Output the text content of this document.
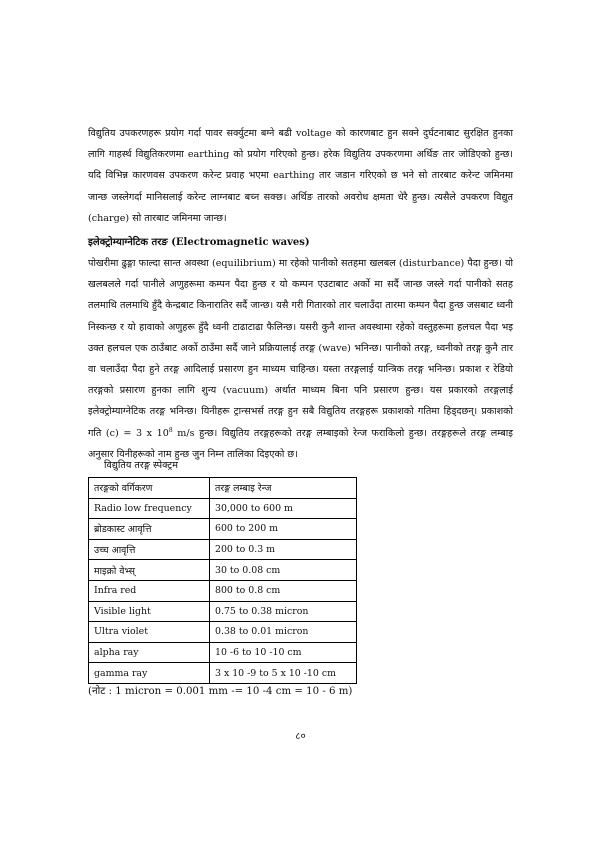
विद्युतिय उपकरणहरू प्रयोग गर्दा पावर सर्क्युटमा बग्ने बढी voltage को कारणबाट हुन सक्ने दुर्घटनाबाट सुरक्षित हुनका लागि गाहर्स्थ विद्युतिकरणमा earthing को प्रयोग गरिएको हुन्छ। हरेक विद्युतिय उपकरणमा अर्थिङ तार जोडिएको हुन्छ। यदि विभिन्न कारणवस उपकरण करेन्ट प्रवाह भएमा earthing तार जडान गरिएको छ भने सो तारबाट करेन्ट जमिनमा जान्छ जस्लेगर्दा मानिसलाई करेन्ट लाग्नबाट बच्न सक्छ। अर्थिङ तारको अवरोध क्षमता धेरै हुन्छ। त्यसैले उपकरण विद्युत (charge) सो तारबाट जमिनमा जान्छ।

इलेक्ट्रोम्याग्नेटिक तरङ (Electromagnetic waves)

पोखरीमा ढुङ्गा फाल्दा सान्त अवस्था (equilibrium) मा रहेको पानीको सतहमा खलबल (disturbance) पैदा हुन्छ। यो खलबलले गर्दा पानीले अणुहरूमा कम्पन पैदा हुन्छ र यो कम्पन एउटाबाट अर्को मा सर्दै जान्छ जस्ले गर्दा पानीको सतह तलमाथि तलमाथि हुँदै केन्द्रबाट किनारातिर सर्दै जान्छ। यसै गरी गितारको तार चलाउँदा तारमा कम्पन पैदा हुन्छ जसबाट ध्वनी निस्कन्छ र यो हावाको अणुहरू हुँदै ध्वनी टाढाटाढा फैलिन्छ। यसरी कुनै शान्त अवस्थामा रहेको वस्तुहरूमा हलचल पैदा भइ उक्त हलचल एक ठाउँबाट अर्को ठाउँमा सर्दै जाने प्रक्रियालाई तरङ्ग (wave) भनिन्छ। पानीको तरङ्ग, ध्वनीको तरङ्ग कुनै तार वा चलाउँदा पैदा हुने तरङ्ग आदिलाई प्रसारण हुन माध्यम चाहिन्छ। यस्ता तरङ्गलाई यान्त्रिक तरङ्ग भनिन्छ। प्रकाश र रेडियो तरङ्गको प्रसारण हुनका लागि शुन्य (vacuum) अर्थात माध्यम बिना पनि प्रसारण हुन्छ। यस प्रकारको तरङ्गलाई इलेक्ट्रोम्याग्नेटिक तरङ्ग भनिन्छ। यिनीहरू ट्रान्सभर्स तरङ्ग हुन सबै विद्युतिय तरङ्गहरू प्रकाशको गतिमा हिड्दछन्। प्रकाशको गति (c) = 3 x $10^8$ m/s हुन्छ। विद्युतिय तरङ्गहरूको तरङ्ग लम्बाइको रेन्ज फराकिलो हुन्छ। तरङ्गहरूले तरङ्ग लम्बाइ अनुसार यिनीहरूको नाम हुन्छ जुन निम्न तालिका दिइएको छ।

विद्युतिय तरङ्ग स्पेक्ट्रम

तरङ्गको वर्गिकरण	तरङ्ग लम्बाइ रेन्ज
Radio low frequency	30,000 to 600 m
ब्रोडकास्ट आवृत्ति	600 to 200 m
उच्च आवृत्ति	200 to 0.3 m
माइक्रो वेभ्स्	30 to 0.08 cm
Infra red	800 to 0.8 cm
Visible light	0.75 to 0.38 micron
Ultra violet	0.38 to 0.01 micron
alpha ray	10 -6 to 10 -10 cm
gamma ray	3 x 10 -9 to 5 x 10 -10 cm

(नोट : 1 micron = 0.001 mm -= 10 -4 cm = 10 - 6 m)

८०
